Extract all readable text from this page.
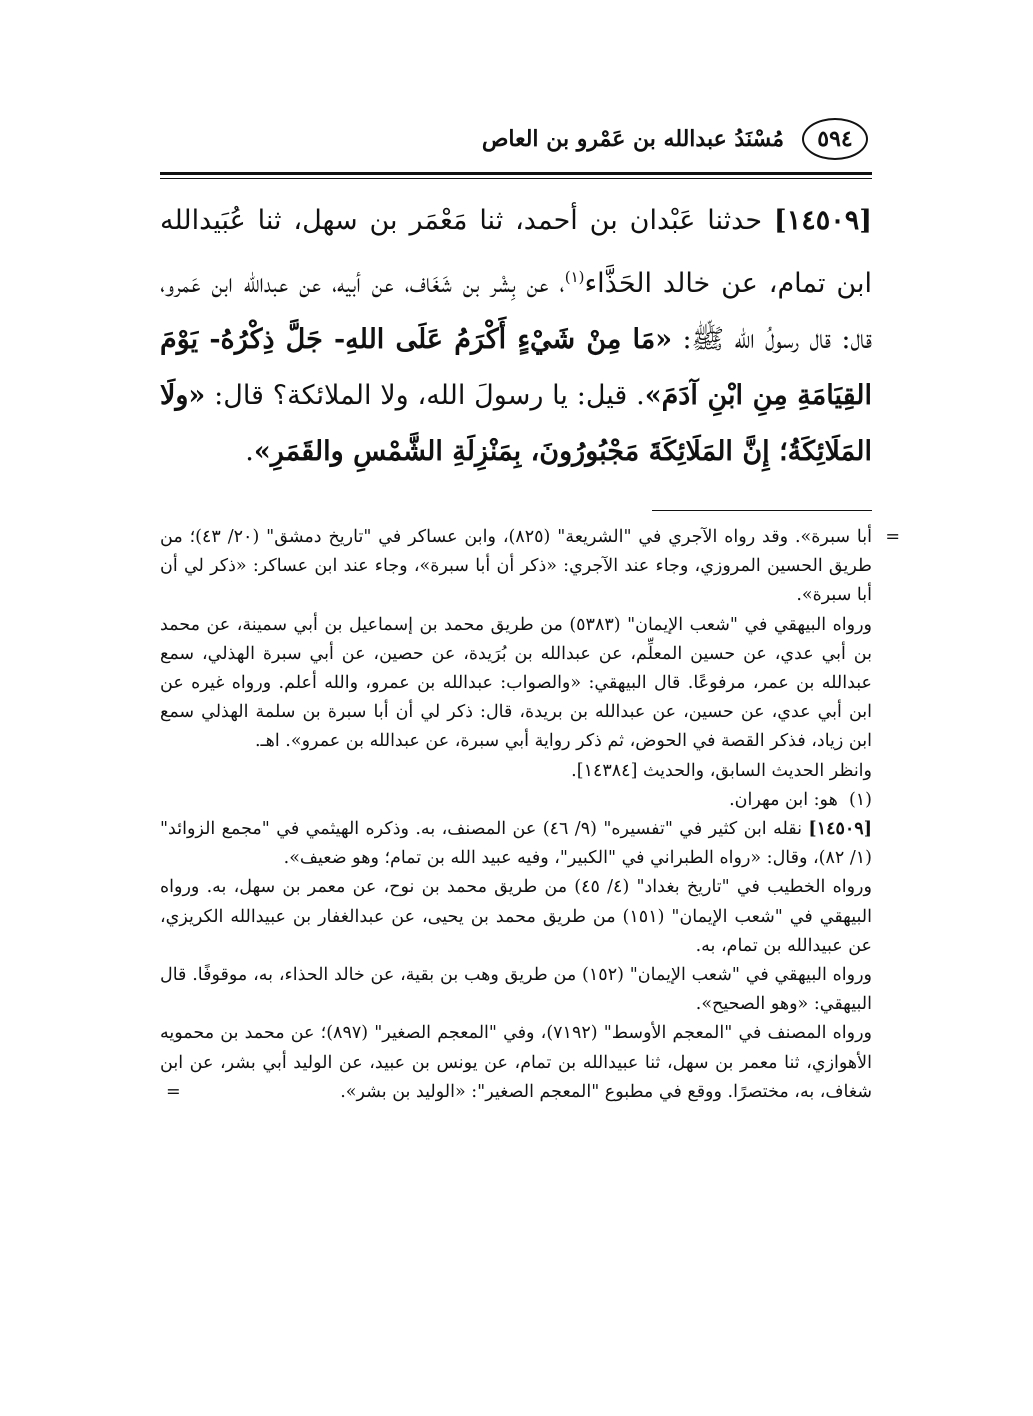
٥٩٤
مُسْنَدُ عبدالله بن عَمْرو بن العاص

[١٤٥٠٩] حدثنا عَبْدان بن أحمد، ثنا مَعْمَر بن سهل، ثنا عُبَيدالله ابن تمام، عن خالد الحَذَّاء$^{(١)}$، عن بِشْر بن شَغَاف، عن أبيه، عن عبدالله ابن عَمرو، قال: قال رسولُ الله ﷺ: «مَا مِنْ شَيْءٍ أَكْرَمُ عَلَى اللهِ- جَلَّ ذِكْرُهُ- يَوْمَ القِيَامَةِ مِنِ ابْنِ آدَمَ». قيل: يا رسولَ الله، ولا الملائكة؟ قال: «ولَا المَلَائِكَةُ؛ إِنَّ المَلَائِكَةَ مَجْبُورُونَ، بِمَنْزِلَةِ الشَّمْسِ والقَمَرِ».

=
أبا سبرة». وقد رواه الآجري في "الشريعة" (٨٢٥)، وابن عساكر في "تاريخ دمشق" (٢٠/ ٤٣)؛ من طريق الحسين المروزي، وجاء عند الآجري: «ذكر أن أبا سبرة»، وجاء عند ابن عساكر: «ذكر لي أن أبا سبرة».

ورواه البيهقي في "شعب الإيمان" (٥٣٨٣) من طريق محمد بن إسماعيل بن أبي سمينة، عن محمد بن أبي عدي، عن حسين المعلِّم، عن عبدالله بن بُرَيدة، عن حصين، عن أبي سبرة الهذلي، سمع عبدالله بن عمر، مرفوعًا. قال البيهقي: «والصواب: عبدالله بن عمرو، والله أعلم. ورواه غيره عن ابن أبي عدي، عن حسين، عن عبدالله بن بريدة، قال: ذكر لي أن أبا سبرة بن سلمة الهذلي سمع ابن زياد، فذكر القصة في الحوض، ثم ذكر رواية أبي سبرة، عن عبدالله بن عمرو». اهـ.

وانظر الحديث السابق، والحديث [١٤٣٨٤].

(١)

هو: ابن مهران.
[١٤٥٠٩] نقله ابن كثير في "تفسيره" (٩/ ٤٦) عن المصنف، به. وذكره الهيثمي في "مجمع الزوائد" (١/ ٨٢)، وقال: «رواه الطبراني في "الكبير"، وفيه عبيد الله بن تمام؛ وهو ضعيف».

ورواه الخطيب في "تاريخ بغداد" (٤/ ٤٥) من طريق محمد بن نوح، عن معمر بن سهل، به. ورواه البيهقي في "شعب الإيمان" (١٥١) من طريق محمد بن يحيى، عن عبدالغفار بن عبيدالله الكريزي، عن عبيدالله بن تمام، به.

ورواه البيهقي في "شعب الإيمان" (١٥٢) من طريق وهب بن بقية، عن خالد الحذاء، به، موقوفًا. قال البيهقي: «وهو الصحيح».

ورواه المصنف في "المعجم الأوسط" (٧١٩٢)، وفي "المعجم الصغير" (٨٩٧)؛ عن محمد بن محمويه الأهوازي، ثنا معمر بن سهل، ثنا عبيدالله بن تمام، عن يونس بن عبيد، عن الوليد أبي بشر، عن ابن شغاف، به، مختصرًا. ووقع في مطبوع "المعجم الصغير": «الوليد بن بشر».
=
